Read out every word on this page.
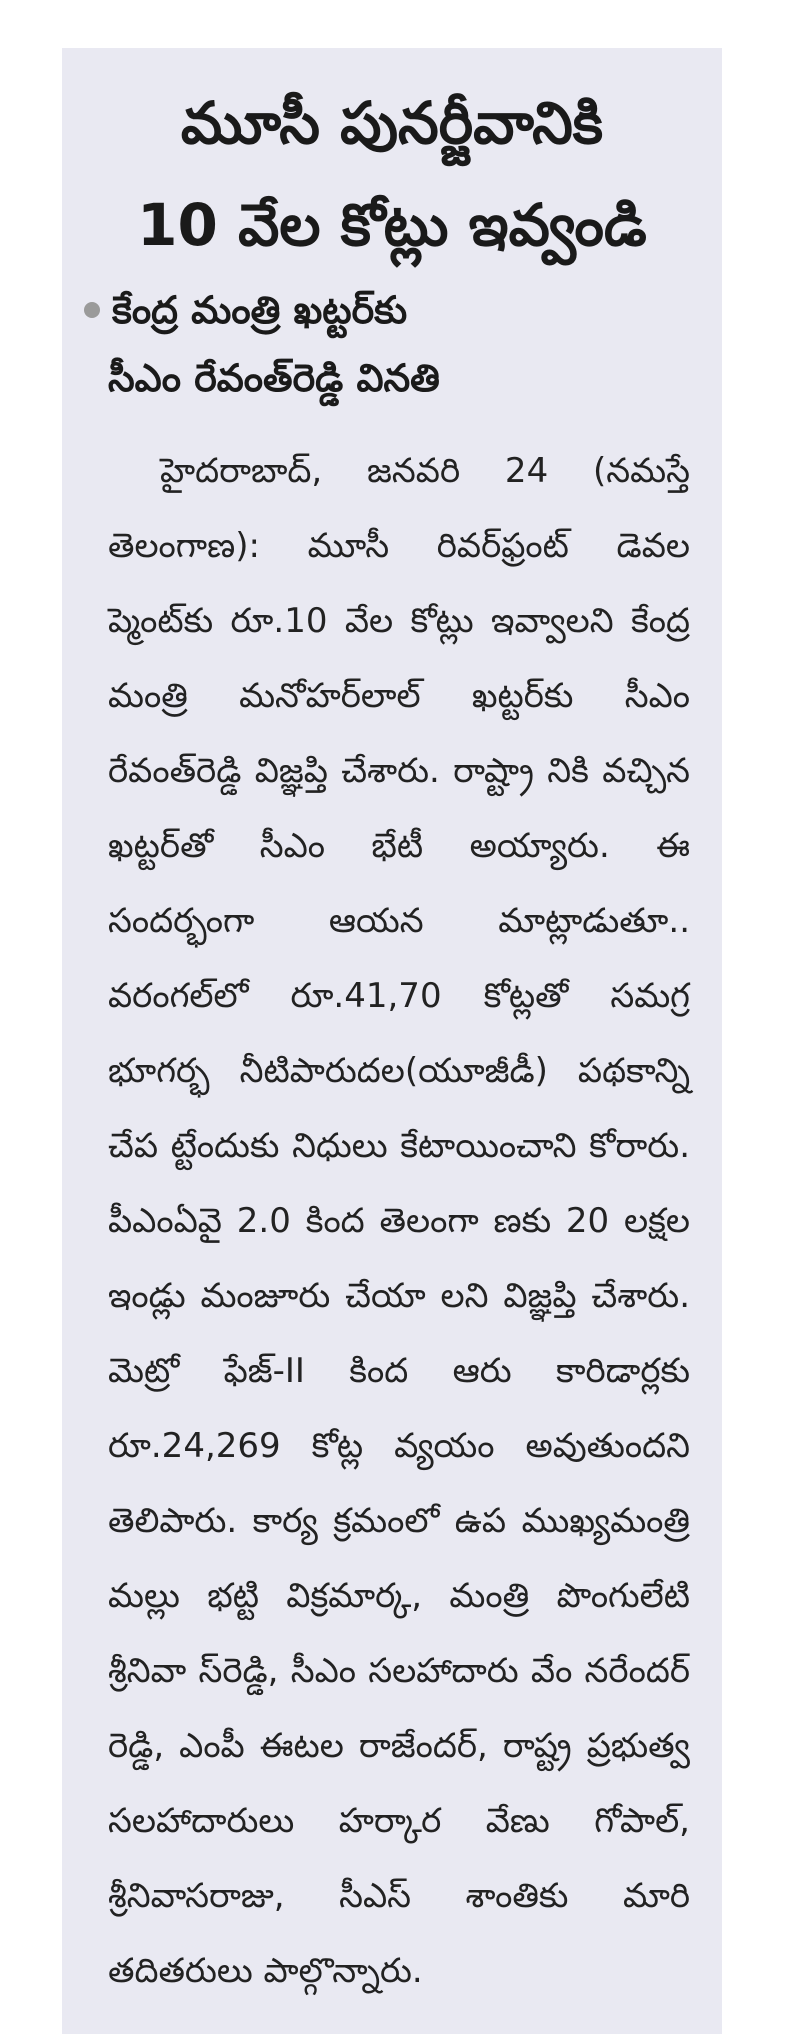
మూసీ పునర్జీవానికి
10 వేల కోట్లు ఇవ్వండి
కేంద్ర మంత్రి ఖట్టర్‌కు
సీఎం రేవంత్‌రెడ్డి వినతి

హైదరాబాద్‌, జనవరి 24 (నమస్తే తెలంగాణ): మూసీ రివర్‌ఫ్రంట్‌ డెవల ప్మెంట్‌కు రూ.10 వేల కోట్లు ఇవ్వాలని కేంద్ర మంత్రి మనోహర్‌లాల్‌ ఖట్టర్‌కు సీఎం రేవంత్‌రెడ్డి విజ్ఞప్తి చేశారు. రాష్ట్రా నికి వచ్చిన ఖట్టర్‌తో సీఎం భేటీ అయ్యారు. ఈ సందర్భంగా ఆయన మాట్లాడుతూ.. వరంగల్‌లో రూ.41,70 కోట్లతో సమగ్ర భూగర్భ నీటిపారుదల(యూజీడీ) పథకాన్ని చేప ట్టేందుకు నిధులు కేటాయించాని కోరారు. పీఎంఏవై 2.0 కింద తెలంగా ణకు 20 లక్షల ఇండ్లు మంజూరు చేయా లని విజ్ఞప్తి చేశారు. మెట్రో ఫేజ్‌-II కింద ఆరు కారిడార్లకు రూ.24,269 కోట్ల వ్యయం అవుతుందని తెలిపారు. కార్య క్రమంలో ఉప ముఖ్యమంత్రి మల్లు భట్టి విక్రమార్క, మంత్రి పొంగులేటి శ్రీనివా స్‌రెడ్డి, సీఎం సలహాదారు వేం నరేందర్‌ రెడ్డి, ఎంపీ ఈటల రాజేందర్‌, రాష్ట్ర ప్రభుత్వ సలహాదారులు హర్కార వేణు గోపాల్‌, శ్రీనివాసరాజు, సీఎస్‌ శాంతికు మారి తదితరులు పాల్గొన్నారు.
